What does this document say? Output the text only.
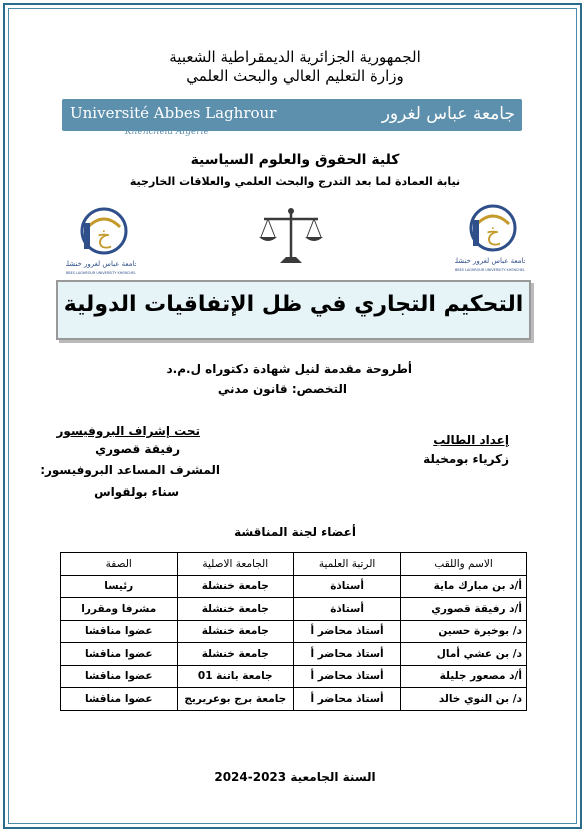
الجمهورية الجزائرية الديمقراطية الشعبية
وزارة التعليم العالي والبحث العلمي
Université Abbes Laghrour
Khenchela Algérie
جامعة عباس لغرور
كلية الحقوق والعلوم السياسية
نيابة العمادة لما بعد التدرج والبحث العلمي والعلاقات الخارجية
خ
جامعة عباس لغرور خنشلة
ABBES LAGHROUR UNIVERSITY KHENCHELA
خ
جامعة عباس لغرور خنشلة
ABBES LAGHROUR UNIVERSITY KHENCHELA
التحكيم التجاري في ظل الإتفاقيات الدولية
أطروحة مقدمة لنيل شهادة دكتوراه ل.م.د
التخصص: قانون مدني
إعداد الطالب
زكرياء بومخيلة
تحت إشراف البروفيسور
رفيقة قصوري
المشرف المساعد البروفيسور:
سناء بولقواس
أعضاء لجنة المناقشة
الاسم واللقب	الرتبة العلمية	الجامعة الاصلية	الصفة
أ/د بن مبارك ماية	أستاذة	جامعة خنشلة	رئيسا
أ/د رفيقة قصوري	أستاذة	جامعة خنشلة	مشرفا ومقررا
د/ بوخيرة حسين	أستاذ محاضر أ	جامعة خنشلة	عضوا مناقشا
د/ بن عشي أمال	أستاذ محاضر أ	جامعة خنشلة	عضوا مناقشا
أ/د مصعور جليلة	أستاذ محاضر أ	جامعة باتنة 01	عضوا مناقشا
د/ بن النوي خالد	أستاذ محاضر أ	جامعة برج بوعريريج	عضوا مناقشا
السنة الجامعية 2023-2024
